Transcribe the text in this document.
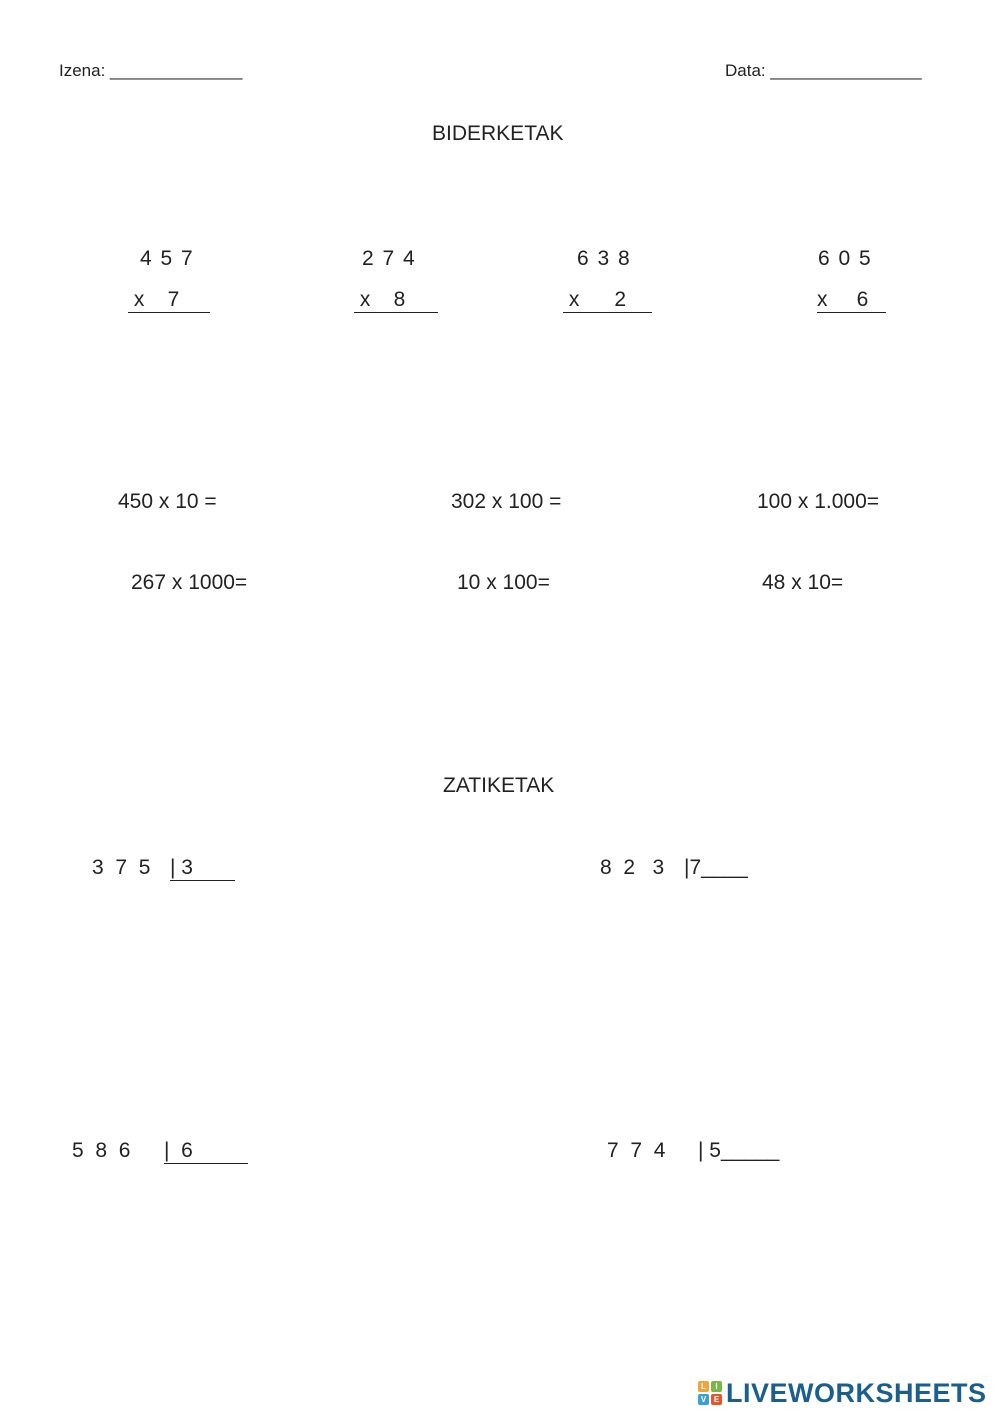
Izena: ______________	Data: ________________
BIDERKETAK
4 5 7
x    7
2 7 4
x    8
6 3 8
x      2
6 0 5
x     6
450 x 10 =	302 x 100 =	100 x 1.000=
267 x 1000=	10 x 100=	48 x 10=
ZATIKETAK
3  7  5 | 3	8  2   3 |7____
5  8  6 |  6	7  7  4 | 5_____
L	I
V E LIVEWORKSHEETS
